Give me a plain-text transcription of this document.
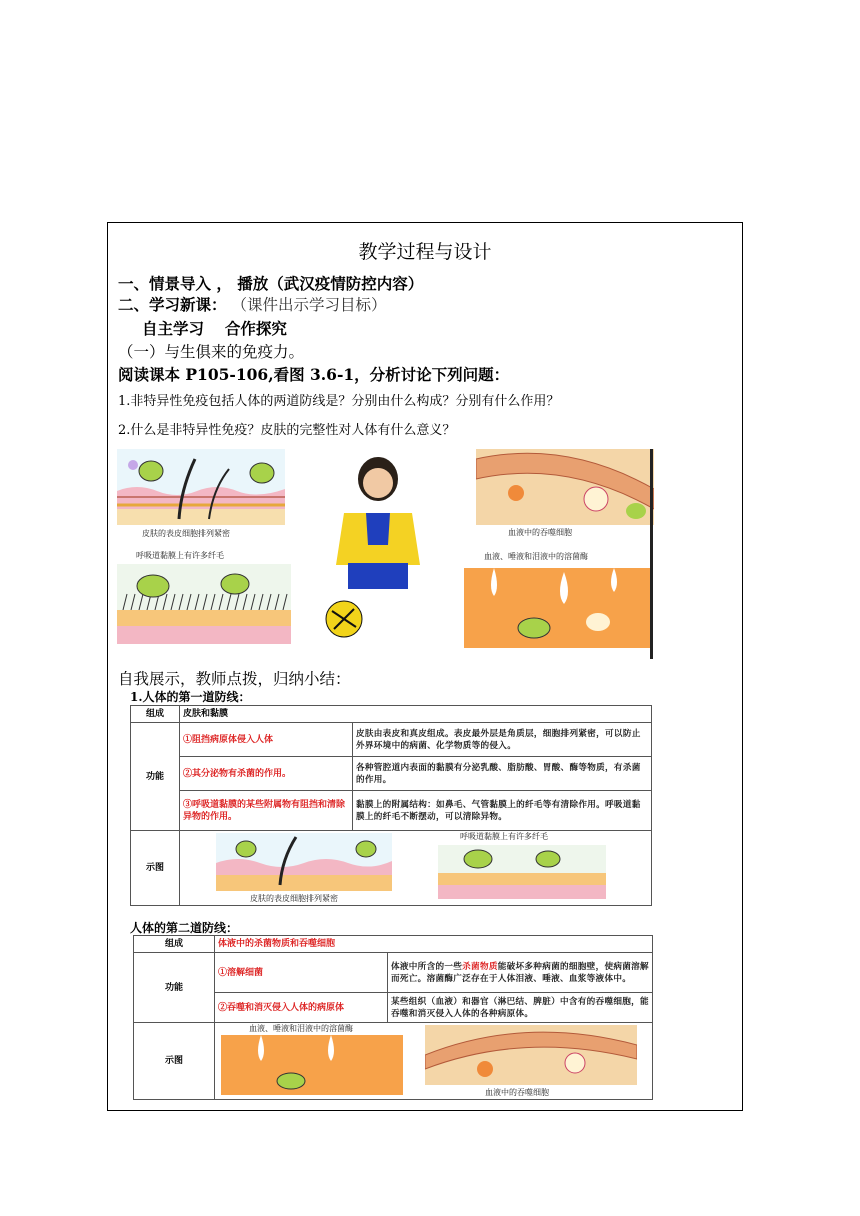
教学过程与设计
一、情景导入 ， 播放（武汉疫情防控内容）
二、学习新课： （课件出示学习目标）
自主学习　 合作探究
（一）与生俱来的免疫力。
阅读课本 P105-106,看图 3.6-1，分析讨论下列问题：
1.非特异性免疫包括人体的两道防线是？分别由什么构成？分别有什么作用？
2.什么是非特异性免疫？皮肤的完整性对人体有什么意义？
皮肤的表皮细胞排列紧密
呼吸道黏膜上有许多纤毛
血液中的吞噬细胞
血液、唾液和泪液中的溶菌酶
自我展示，教师点拨，归纳小结：
1.人体的第一道防线：
组成	皮肤和黏膜	
功能	①阻挡病原体侵入人体	皮肤由表皮和真皮组成。表皮最外层是角质层，细胞排列紧密，可以防止外界环境中的病菌、化学物质等的侵入。
	②其分泌物有杀菌的作用。	各种管腔道内表面的黏膜有分泌乳酸、脂肪酸、胃酸、酶等物质，有杀菌的作用。
	③呼吸道黏膜的某些附属物有阻挡和清除异物的作用。	黏膜上的附属结构：如鼻毛、气管黏膜上的纤毛等有清除作用。呼吸道黏膜上的纤毛不断摆动，可以清除异物。
示图	皮肤的表皮细胞排列紧密
呼吸道黏膜上有许多纤毛	
人体的第二道防线：
组成	体液中的杀菌物质和吞噬细胞	
功能	①溶解细菌	体液中所含的一些杀菌物质能破坏多种病菌的细胞壁，使病菌溶解而死亡。溶菌酶广泛存在于人体泪液、唾液、血浆等液体中。
	②吞噬和消灭侵入人体的病原体	某些组织（血液）和器官（淋巴结、脾脏）中含有的吞噬细胞，能吞噬和消灭侵入人体的各种病原体。
示图	血液、唾液和泪液中的溶菌酶
血液中的吞噬细胞	
